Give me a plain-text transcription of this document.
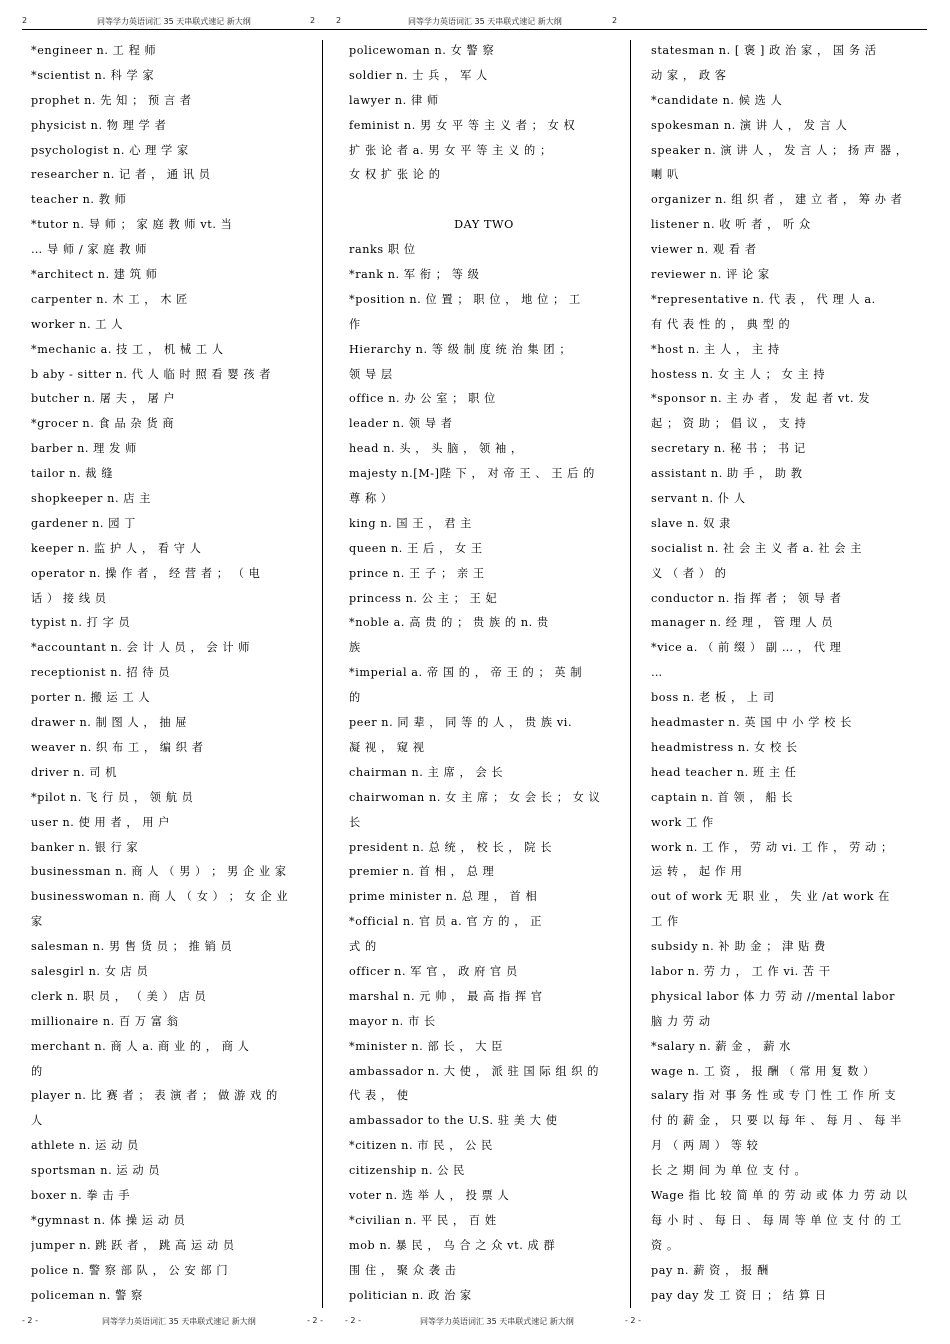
2	同等学力英语词汇 35 天串联式速记 新大纲	2	2	同等学力英语词汇 35 天串联式速记 新大纲	2
*engineer n. 工 程 师
*scientist n. 科 学 家
prophet n. 先 知 ； 预 言 者
physicist n. 物 理 学 者
psychologist n. 心 理 学 家
researcher n. 记 者 ， 通 讯 员
teacher n. 教 师
*tutor n. 导 师 ； 家 庭 教 师 vt. 当
… 导 师 / 家 庭 教 师
*architect n. 建 筑 师
carpenter n. 木 工 ， 木 匠
worker n. 工 人
*mechanic a. 技 工 ， 机 械 工 人
b aby - sitter n. 代 人 临 时 照 看 婴 孩 者
butcher n. 屠 夫 ， 屠 户
*grocer n. 食 品 杂 货 商
barber n. 理 发 师
tailor n. 裁 缝
shopkeeper n. 店 主
gardener n. 园 丁
keeper n. 监 护 人 ， 看 守 人
operator n. 操 作 者 ， 经 营 者 ； （ 电
话 ） 接 线 员
typist n. 打 字 员
*accountant n. 会 计 人 员 ， 会 计 师
receptionist n. 招 待 员
porter n. 搬 运 工 人
drawer n. 制 图 人 ， 抽 屉
weaver n. 织 布 工 ， 编 织 者
driver n. 司 机
*pilot n. 飞 行 员 ， 领 航 员
user n. 使 用 者 ， 用 户
banker n. 银 行 家
businessman n. 商 人 （ 男 ） ； 男 企 业 家
businesswoman n. 商 人 （ 女 ） ； 女 企 业
家
salesman n. 男 售 货 员 ； 推 销 员
salesgirl n. 女 店 员
clerk n. 职 员 ， （ 美 ） 店 员
millionaire n. 百 万 富 翁
merchant n. 商 人 a. 商 业 的 ， 商 人
的
player n. 比 赛 者 ； 表 演 者 ； 做 游 戏 的
人
athlete n. 运 动 员
sportsman n. 运 动 员
boxer n. 拳 击 手
*gymnast n. 体 操 运 动 员
jumper n. 跳 跃 者 ， 跳 高 运 动 员
police n. 警 察 部 队 ， 公 安 部 门
policeman n. 警 察
policewoman n. 女 警 察
soldier n. 士 兵 ， 军 人
lawyer n. 律 师
feminist n. 男 女 平 等 主 义 者 ； 女 权
扩 张 论 者 a. 男 女 平 等 主 义 的 ；
女 权 扩 张 论 的
DAY TWO
ranks 职 位
*rank n. 军 衔 ； 等 级
*position n. 位 置 ； 职 位 ， 地 位 ； 工
作
Hierarchy n. 等 级 制 度 统 治 集 团 ；
领 导 层
office n. 办 公 室 ； 职 位
leader n. 领 导 者
head n. 头 ， 头 脑 ， 领 袖 ，
majesty n.[M-]陛 下 ， 对 帝 王 、 王 后 的
尊 称 ）
king n. 国 王 ， 君 主
queen n. 王 后 ， 女 王
prince n. 王 子 ； 亲 王
princess n. 公 主 ； 王 妃
*noble a. 高 贵 的 ； 贵 族 的 n. 贵
族
*imperial a. 帝 国 的 ， 帝 王 的 ； 英 制
的
peer n. 同 辈 ， 同 等 的 人 ， 贵 族 vi.
凝 视 ， 窥 视
chairman n. 主 席 ， 会 长
chairwoman n. 女 主 席 ； 女 会 长 ； 女 议
长
president n. 总 统 ， 校 长 ， 院 长
premier n. 首 相 ， 总 理
prime minister n. 总 理 ， 首 相
*official n. 官 员 a. 官 方 的 ， 正
式 的
officer n. 军 官 ， 政 府 官 员
marshal n. 元 帅 ， 最 高 指 挥 官
mayor n. 市 长
*minister n. 部 长 ， 大 臣
ambassador n. 大 使 ， 派 驻 国 际 组 织 的
代 表 ， 使
ambassador to the U.S. 驻 美 大 使
*citizen n. 市 民 ， 公 民
citizenship n. 公 民
voter n. 选 举 人 ， 投 票 人
*civilian n. 平 民 ， 百 姓
mob n. 暴 民 ， 乌 合 之 众 vt. 成 群
围 住 ， 聚 众 袭 击
politician n. 政 治 家
statesman n. [ 褒 ] 政 治 家 ， 国 务 活
动 家 ， 政 客
*candidate n. 候 选 人
spokesman n. 演 讲 人 ， 发 言 人
speaker n. 演 讲 人 ， 发 言 人 ； 扬 声 器 ，
喇 叭
organizer n. 组 织 者 ， 建 立 者 ， 筹 办 者
listener n. 收 听 者 ， 听 众
viewer n. 观 看 者
reviewer n. 评 论 家
*representative n. 代 表 ， 代 理 人 a.
有 代 表 性 的 ， 典 型 的
*host n. 主 人 ， 主 持
hostess n. 女 主 人 ； 女 主 持
*sponsor n. 主 办 者 ， 发 起 者 vt. 发
起 ； 资 助 ； 倡 议 ， 支 持
secretary n. 秘 书 ； 书 记
assistant n. 助 手 ， 助 教
servant n. 仆 人
slave n. 奴 隶
socialist n. 社 会 主 义 者 a. 社 会 主
义 （ 者 ） 的
conductor n. 指 挥 者 ； 领 导 者
manager n. 经 理 ， 管 理 人 员
*vice a. （ 前 缀 ） 副 … ， 代 理
…
boss n. 老 板 ， 上 司
headmaster n. 英 国 中 小 学 校 长
headmistress n. 女 校 长
head teacher n. 班 主 任
captain n. 首 领 ， 船 长
work 工 作
work n. 工 作 ， 劳 动 vi. 工 作 ， 劳 动 ；
运 转 ， 起 作 用
out of work 无 职 业 ， 失 业 /at work 在
工 作
subsidy n. 补 助 金 ； 津 贴 费
labor n. 劳 力 ， 工 作 vi. 苦 干
physical labor 体 力 劳 动 //mental labor
脑 力 劳 动
*salary n. 薪 金 ， 薪 水
wage n. 工 资 ， 报 酬 （ 常 用 复 数 ）
salary 指 对 事 务 性 或 专 门 性 工 作 所 支
付 的 薪 金 ， 只 要 以 每 年 、 每 月 、 每 半
月 （ 两 周 ） 等 较
长 之 期 间 为 单 位 支 付 。
Wage 指 比 较 简 单 的 劳 动 或 体 力 劳 动 以
每 小 时 、 每 日 、 每 周 等 单 位 支 付 的 工
资 。
pay n. 薪 资 ， 报 酬
pay day 发 工 资 日 ； 结 算 日
- 2 -	同等学力英语词汇 35 天串联式速记 新大纲	- 2 -	- 2 -	同等学力英语词汇 35 天串联式速记 新大纲	- 2 -
